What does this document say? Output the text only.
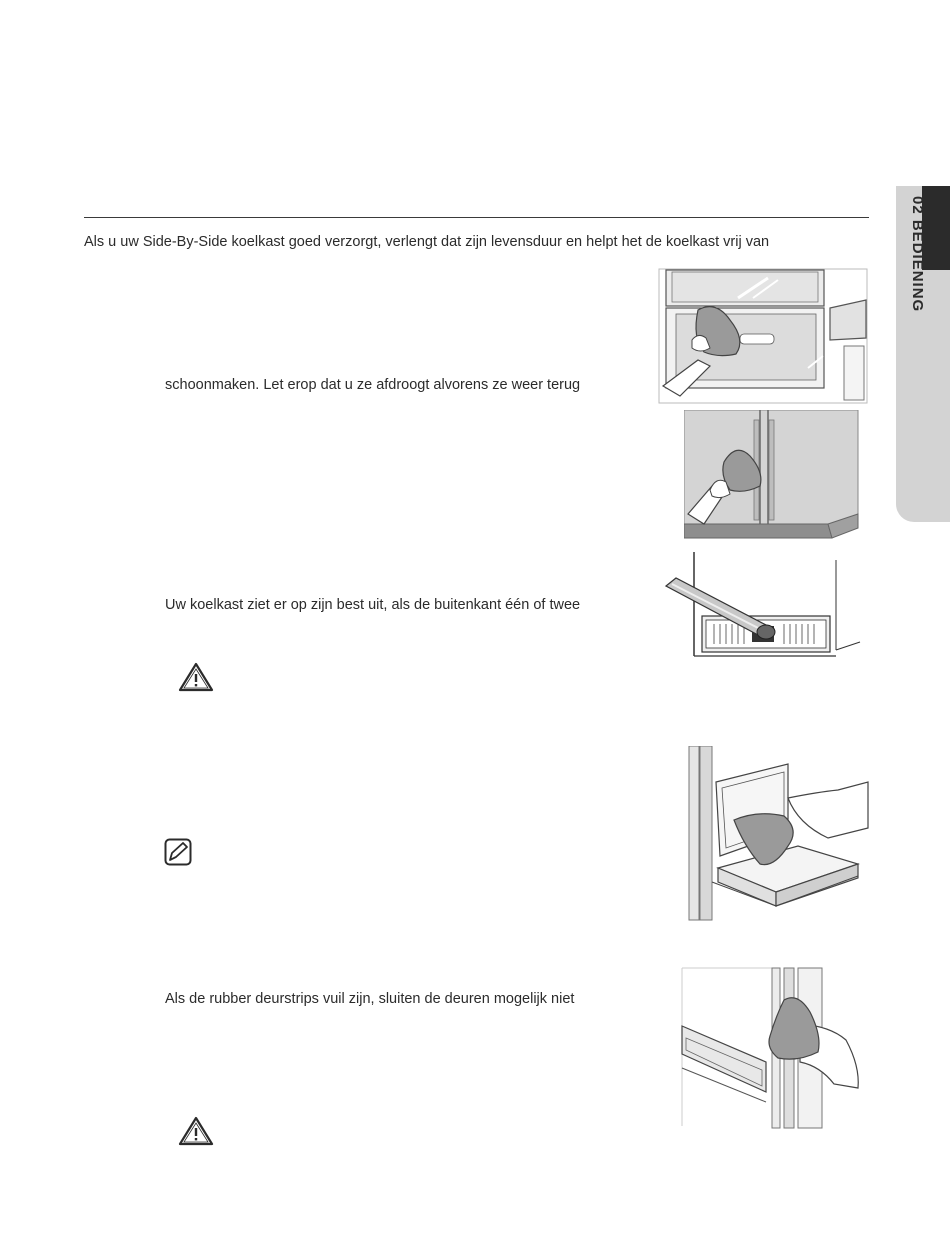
02 BEDIENING
Als u uw Side-By-Side koelkast goed verzorgt, verlengt dat zijn levensduur en helpt het de koelkast vrij van
schoonmaken. Let erop dat u ze afdroogt alvorens ze weer terug
Uw koelkast ziet er op zijn best uit, als de buitenkant één of twee
Als de rubber deurstrips vuil zijn, sluiten de deuren mogelijk niet
